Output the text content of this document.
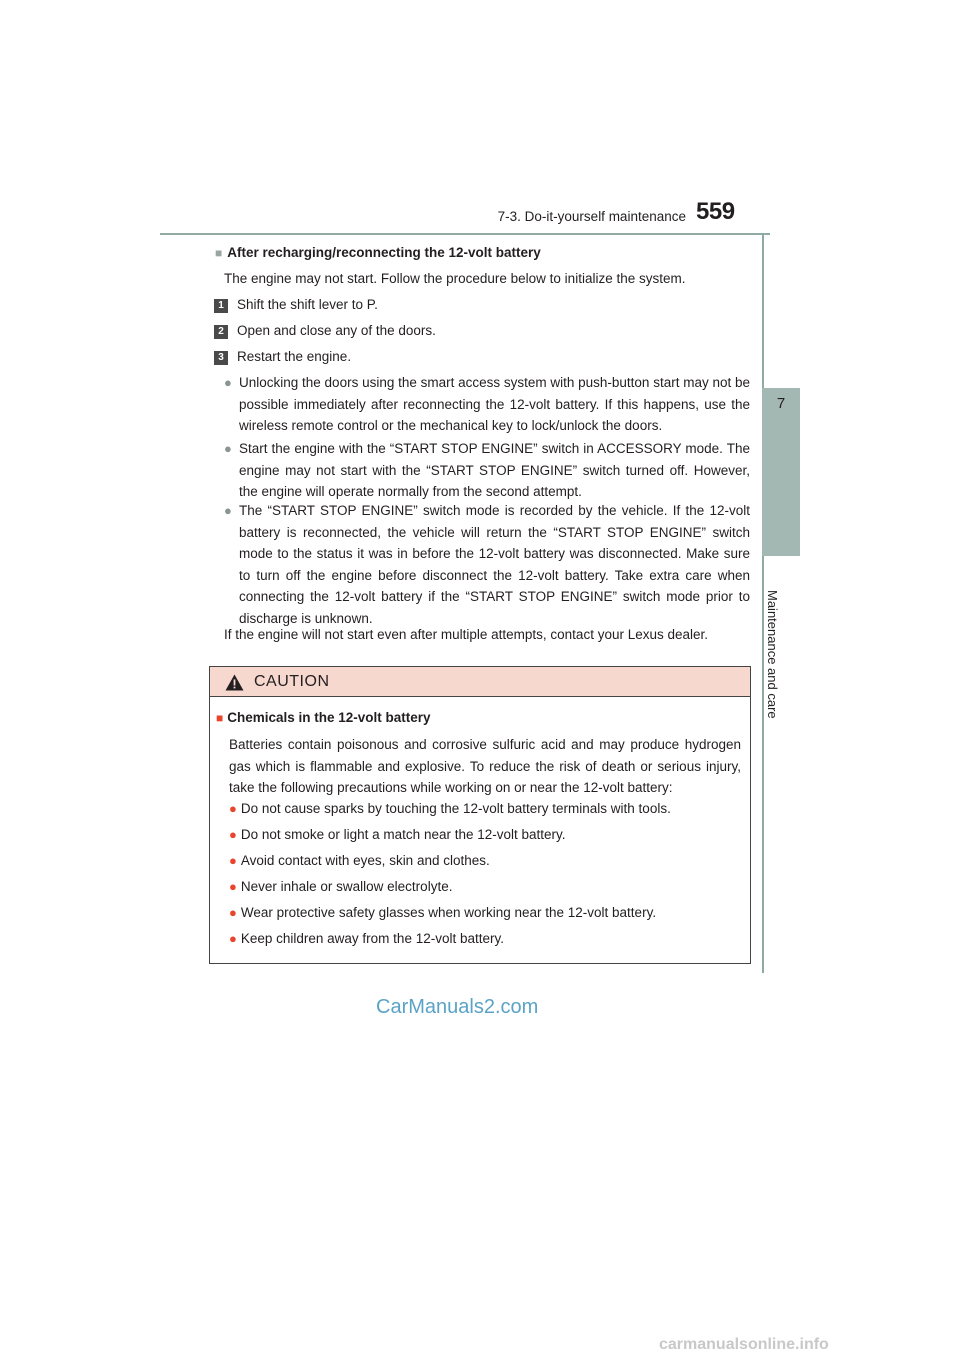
7-3. Do-it-yourself maintenance 559
7
Maintenance and care
■ After recharging/reconnecting the 12-volt battery
The engine may not start. Follow the procedure below to initialize the system.
1 Shift the shift lever to P.
2 Open and close any of the doors.
3 Restart the engine.
● Unlocking the doors using the smart access system with push-button start may not be possible immediately after reconnecting the 12-volt battery. If this happens, use the wireless remote control or the mechanical key to lock/unlock the doors.
● Start the engine with the “START STOP ENGINE” switch in ACCESSORY mode. The engine may not start with the “START STOP ENGINE” switch turned off. However, the engine will operate normally from the second attempt.
● The “START STOP ENGINE” switch mode is recorded by the vehicle. If the 12-volt battery is reconnected, the vehicle will return the “START STOP ENGINE” switch mode to the status it was in before the 12-volt battery was disconnected. Make sure to turn off the engine before disconnect the 12-volt battery. Take extra care when connecting the 12-volt battery if the “START STOP ENGINE” switch mode prior to discharge is unknown.
If the engine will not start even after multiple attempts, contact your Lexus dealer.
CAUTION
■ Chemicals in the 12-volt battery
Batteries contain poisonous and corrosive sulfuric acid and may produce hydrogen gas which is flammable and explosive. To reduce the risk of death or serious injury, take the following precautions while working on or near the 12-volt battery:
● Do not cause sparks by touching the 12-volt battery terminals with tools.
● Do not smoke or light a match near the 12-volt battery.
● Avoid contact with eyes, skin and clothes.
● Never inhale or swallow electrolyte.
● Wear protective safety glasses when working near the 12-volt battery.
● Keep children away from the 12-volt battery.
CarManuals2.com
carmanualsonline.info
